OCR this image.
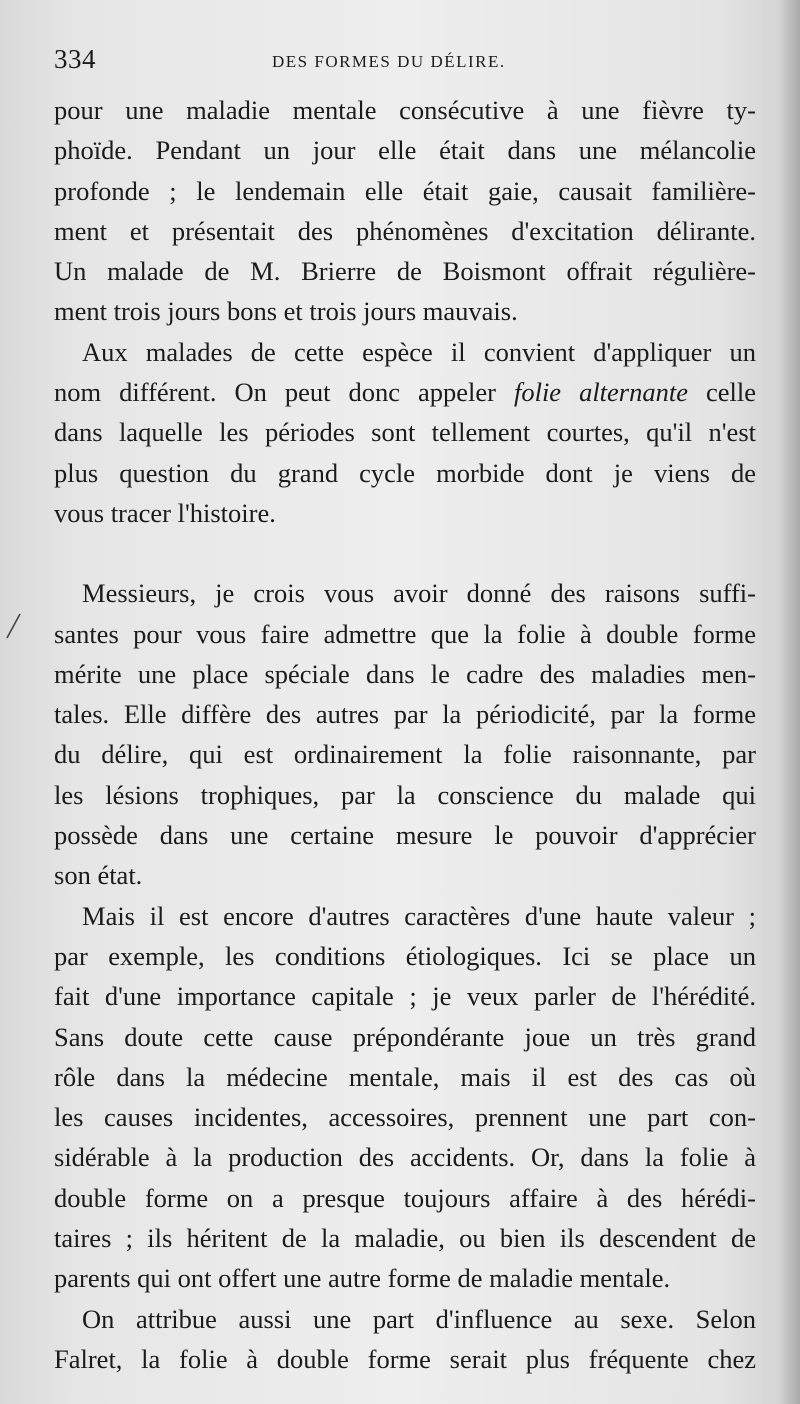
334	DES FORMES DU DÉLIRE.
pour une maladie mentale consécutive à une fièvre ty-
phoïde. Pendant un jour elle était dans une mélancolie
profonde ; le lendemain elle était gaie, causait familière-
ment et présentait des phénomènes d'excitation délirante.
Un malade de M. Brierre de Boismont offrait régulière-
ment trois jours bons et trois jours mauvais.
Aux malades de cette espèce il convient d'appliquer un
nom différent. On peut donc appeler folie alternante celle
dans laquelle les périodes sont tellement courtes, qu'il n'est
plus question du grand cycle morbide dont je viens de
vous tracer l'histoire.
Messieurs, je crois vous avoir donné des raisons suffi-
santes pour vous faire admettre que la folie à double forme
mérite une place spéciale dans le cadre des maladies men-
tales. Elle diffère des autres par la périodicité, par la forme
du délire, qui est ordinairement la folie raisonnante, par
les lésions trophiques, par la conscience du malade qui
possède dans une certaine mesure le pouvoir d'apprécier
son état.
Mais il est encore d'autres caractères d'une haute valeur ;
par exemple, les conditions étiologiques. Ici se place un
fait d'une importance capitale ; je veux parler de l'hérédité.
Sans doute cette cause prépondérante joue un très grand
rôle dans la médecine mentale, mais il est des cas où
les causes incidentes, accessoires, prennent une part con-
sidérable à la production des accidents. Or, dans la folie à
double forme on a presque toujours affaire à des hérédi-
taires ; ils héritent de la maladie, ou bien ils descendent de
parents qui ont offert une autre forme de maladie mentale.
On attribue aussi une part d'influence au sexe. Selon
Falret, la folie à double forme serait plus fréquente chez
